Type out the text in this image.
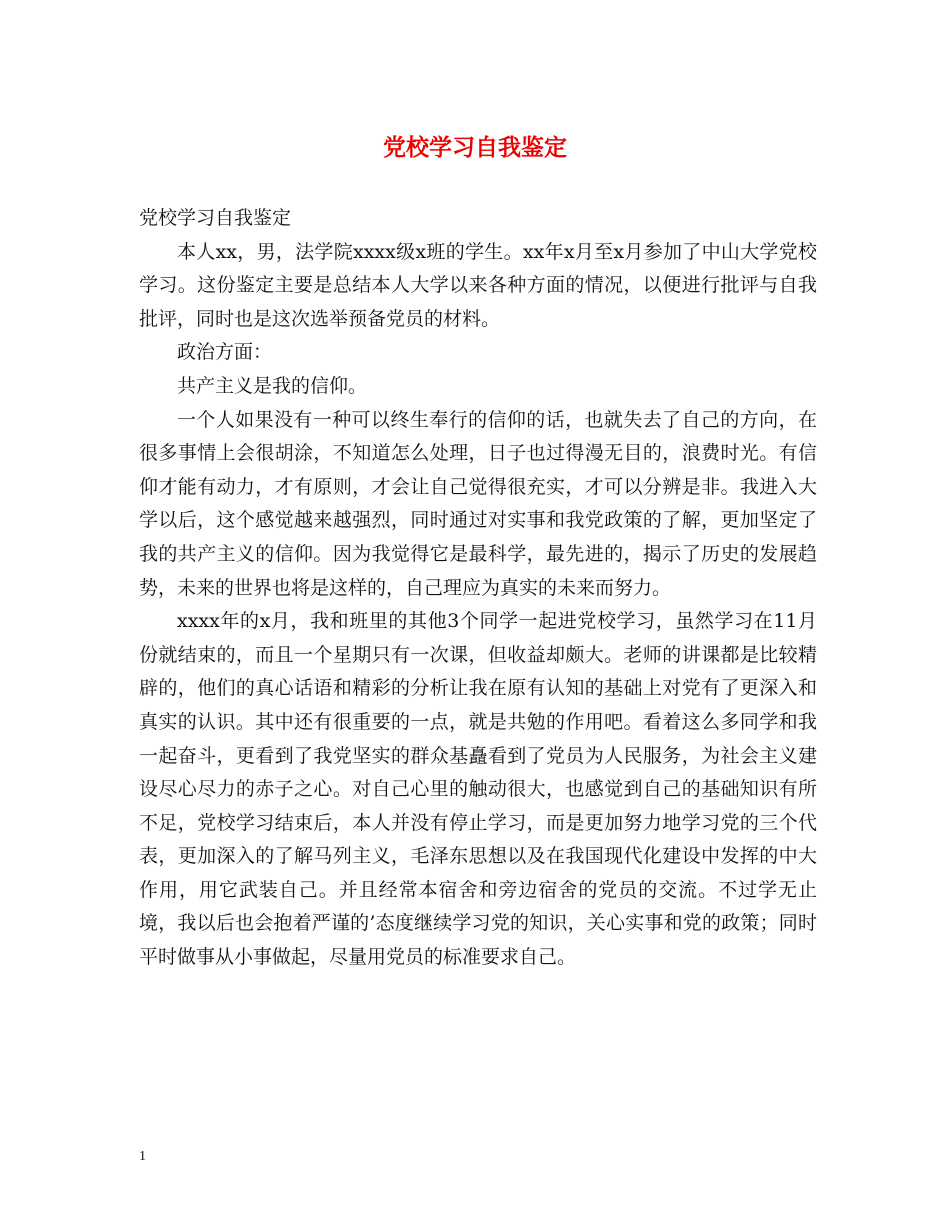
党校学习自我鉴定

党校学习自我鉴定

本人xx，男，法学院xxxx级x班的学生。xx年x月至x月参加了中山大学党校学习。这份鉴定主要是总结本人大学以来各种方面的情况，以便进行批评与自我批评，同时也是这次选举预备党员的材料。

政治方面：

共产主义是我的信仰。

一个人如果没有一种可以终生奉行的信仰的话，也就失去了自己的方向，在很多事情上会很胡涂，不知道怎么处理，日子也过得漫无目的，浪费时光。有信仰才能有动力，才有原则，才会让自己觉得很充实，才可以分辨是非。我进入大学以后，这个感觉越来越强烈，同时通过对实事和我党政策的了解，更加坚定了我的共产主义的信仰。因为我觉得它是最科学，最先进的，揭示了历史的发展趋势，未来的世界也将是这样的，自己理应为真实的未来而努力。

xxxx年的x月，我和班里的其他3个同学一起进党校学习，虽然学习在11月份就结束的，而且一个星期只有一次课，但收益却颇大。老师的讲课都是比较精辟的，他们的真心话语和精彩的分析让我在原有认知的基础上对党有了更深入和真实的认识。其中还有很重要的一点，就是共勉的作用吧。看着这么多同学和我一起奋斗，更看到了我党坚实的群众基矗看到了党员为人民服务，为社会主义建设尽心尽力的赤子之心。对自己心里的触动很大，也感觉到自己的基础知识有所不足，党校学习结束后，本人并没有停止学习，而是更加努力地学习党的三个代表，更加深入的了解马列主义，毛泽东思想以及在我国现代化建设中发挥的中大作用，用它武装自己。并且经常本宿舍和旁边宿舍的党员的交流。不过学无止境，我以后也会抱着严谨的’态度继续学习党的知识，关心实事和党的政策；同时平时做事从小事做起，尽量用党员的标准要求自己。

1
